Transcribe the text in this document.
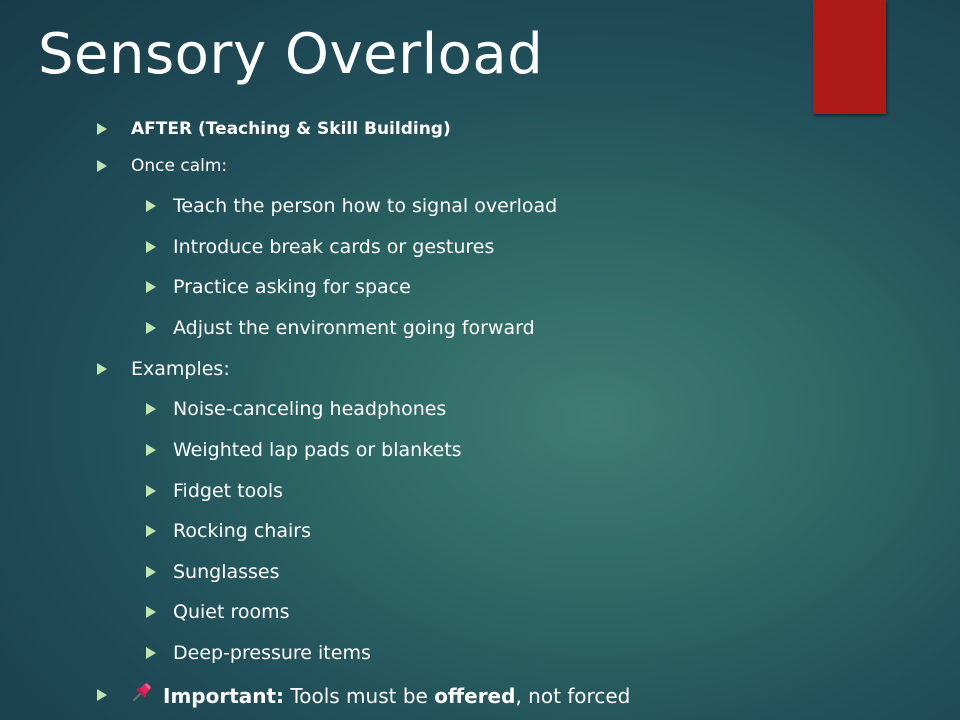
Sensory Overload
AFTER (Teaching & Skill Building)
Once calm:
Teach the person how to signal overload
Introduce break cards or gestures
Practice asking for space
Adjust the environment going forward
Examples:
Noise-canceling headphones
Weighted lap pads or blankets
Fidget tools
Rocking chairs
Sunglasses
Quiet rooms
Deep-pressure items
Important: Tools must be offered, not forced
